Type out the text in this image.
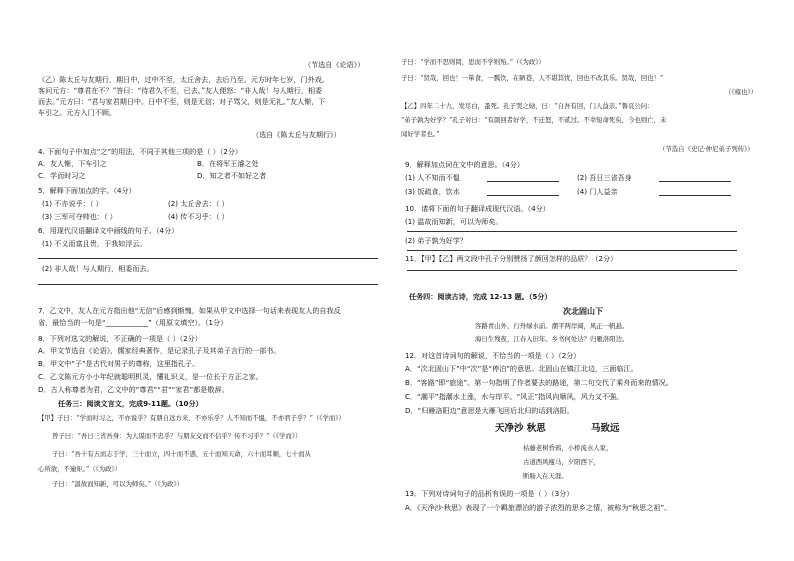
（节选自《论语》）
（乙）陈太丘与友期行，期日中，过中不至，太丘舍去，去后乃至。元方时年七岁，门外戏。
客问元方：“尊君在不？”答曰：“待君久不至，已去。”友人便怒：“非人哉！与人期行，相委
而去。”元方曰：“君与家君期日中。日中不至，则是无信；对子骂父，则是无礼。”友人惭，下
车引之。元方入门不顾。
（选自《陈太丘与友期行》）
4. 下面句子中加点“之”的用法，不同于其他三项的是（ ）（2分）
A．友人惭，下车引之	B．在将军王濬之处
C．学而时习之	D．知之者不如好之者
5．解释下面加点的字。（4分）
(1) 不亦说乎：（ ）	(2) 太丘舍去：（ ）
(3) 三军可夺帅也：（ ）	(4) 传不习乎：（ ）
6．用现代汉语翻译文中画线的句子。（4分）
(1) 不义而富且贵，于我如浮云。
(2) 非人哉！与人期行，相委而去。
7．乙文中，友人在元方指出他“无信”后感到惭愧，如果从甲文中选择一句话来表现友人的自我反
省，最恰当的一句是“____________”（用原文填空）。（1分）
8．下列对选文的解说，不正确的一项是（ ）（2分）
A．甲文节选自《论语》，儒家经典著作，是记录孔子及其弟子言行的一部书。
B．甲文中“子”是古代对男子的尊称，这里指孔子。
C．乙文陈元方小小年纪就聪明机灵，懂礼识义，是一位长于方正之家。
D．古人称尊者为君，乙文中的“尊君”“君”“家君”都是敬辞。
任务三：阅读文言文，完成9-11题。（10分）
【甲】子曰：“学而时习之，不亦说乎？有朋自远方来，不亦乐乎？人不知而不愠，不亦君子乎？”（《学而》）
曾子曰：“吾日三省吾身：为人谋而不忠乎？与朋友交而不信乎？传不习乎？”（《学而》）
子曰：“吾十有五而志于学，三十而立，四十而不惑，五十而知天命，六十而耳顺，七十而从
心所欲，不逾矩。”（《为政》）
子曰：“温故而知新，可以为师矣。”（《为政》）
子曰：“学而不思则罔，思而不学则殆。”（《为政》）
子曰：“贤哉，回也！一箪食，一瓢饮，在陋巷，人不堪其忧，回也不改其乐。贤哉，回也！”
（《雍也》）
【乙】四年二十九，发尽白，蚤死。孔子哭之恸，曰：“自吾有回，门人益亲。”鲁哀公问：
“弟子孰为好学？”孔子对曰：“有颜回者好学，不迁怒，不贰过。不幸短命死矣，今也则亡，未
闻好学者也。”
（节选自《史记·仲尼弟子列传》）
9．解释加点词在文中的意思。（4分）
(1) 人不知而不愠	(2) 吾日三省吾身
(3) 饭疏食，饮水	(4) 门人益亲
10．请将下面的句子翻译成现代汉语。（4分）
(1) 温故而知新，可以为师矣。
(2) 弟子孰为好学？
11．【甲】【乙】两文段中孔子分别赞扬了颜回怎样的品质？（2分）
任务四：阅读古诗，完成 12-13 题。（5分）
次北固山下
客路青山外，行舟绿水前。潮平两岸阔，风正一帆悬。
海日生残夜，江春入旧年。乡书何处达？归雁洛阳边。
12．对这首诗词句的解说，不恰当的一项是（ ）（2分）
A．“次北固山下”中“次”是“停泊”的意思。北固山在镇江北边，三面临江。
B．“客路”即“旅途”。第一句指明了作者要去的路途，第二句交代了乘舟而来的情况。
C．“潮平”指潮水上涨，水与岸平。“风正”指风向顺风，风力又不强。
D．“归雁洛阳边”意思是大雁飞回后北归的话到洛阳。
天净沙 秋思	马致远
枯藤老树昏鸦，小桥流水人家，
古道西风瘦马，夕阳西下，
断肠人在天涯。
13．下列对诗词句子的品析有误的一项是（ ）（3分）
A．《天净沙·秋思》表现了一个羁旅漂泊的游子浓烈的思乡之情，被称为“秋思之祖”。
